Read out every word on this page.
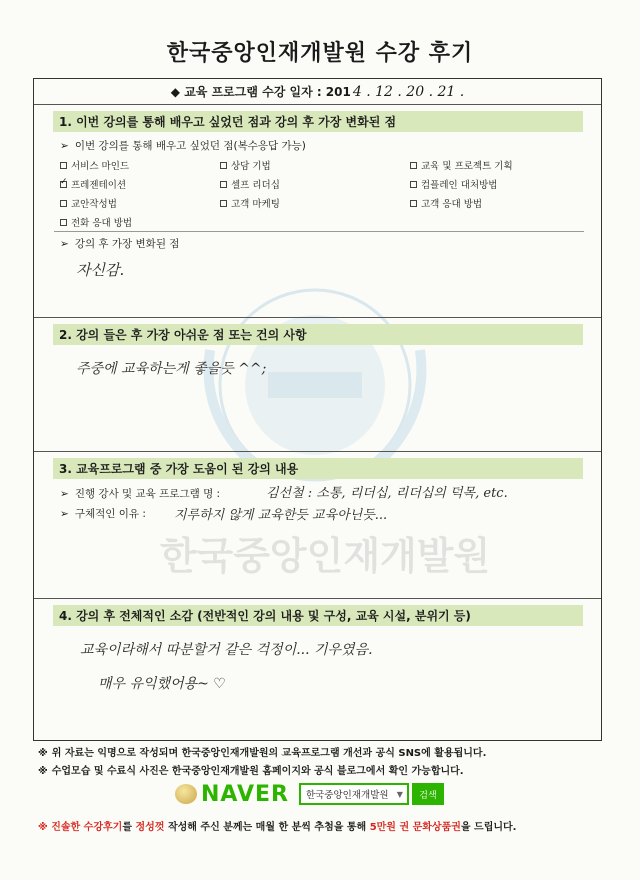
한국중앙인재개발원
한국중앙인재개발원 수강 후기
◆ 교육 프로그램 수강 일자 : 201 4 . 12 . 20 . 21 .
1. 이번 강의를 통해 배우고 싶었던 점과 강의 후 가장 변화된 점
➢ 이번 강의를 통해 배우고 싶었던 점(복수응답 가능)
서비스 마인드	상담 기법	교육 및 프로젝트 기획
✓프레젠테이션	셀프 리더십	컴플레인 대처방법
교안작성법	고객 마케팅	고객 응대 방법
전화 응대 방법
➢ 강의 후 가장 변화된 점
자신감.
2. 강의 들은 후 가장 아쉬운 점 또는 건의 사항
주중에 교육하는게 좋을듯 ^^;
3. 교육프로그램 중 가장 도움이 된 강의 내용
➢ 진행 강사 및 교육 프로그램 명 :	김선철 : 소통, 리더십, 리더십의 덕목, etc.
➢ 구체적인 이유 : 지루하지 않게 교육한듯 교육아닌듯...
4. 강의 후 전체적인 소감 (전반적인 강의 내용 및 구성, 교육 시설, 분위기 등)
교육이라해서 따분할거 같은 걱정이... 기우였음.
매우 유익했어용~ ♡
※ 위 자료는 익명으로 작성되며 한국중앙인재개발원의 교육프로그램 개선과 공식 SNS에 활용됩니다.
※ 수업모습 및 수료식 사진은 한국중앙인재개발원 홈페이지와 공식 블로그에서 확인 가능합니다.
NAVER 한국중앙인재개발원 ▼	검색
※ 진솔한 수강후기를 정성껏 작성해 주신 분께는 매월 한 분씩 추첨을 통해 5만원 권 문화상품권을 드립니다.
